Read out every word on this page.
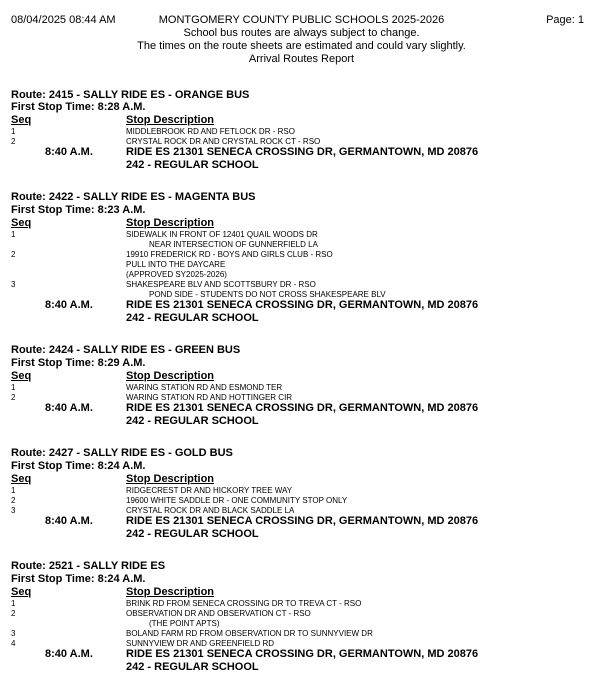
08/04/2025 08:44 AM	MONTGOMERY COUNTY PUBLIC SCHOOLS 2025-2026
School bus routes are always subject to change.
The times on the route sheets are estimated and could vary slightly.
Arrival Routes Report
Page: 1
Route: 2415 - SALLY RIDE ES - ORANGE BUS
First Stop Time: 8:28 A.M.
Seq	Stop Description
1	MIDDLEBROOK RD AND FETLOCK DR - RSO
2	CRYSTAL ROCK DR AND CRYSTAL ROCK CT - RSO
8:40 A.M.	RIDE ES 21301 SENECA CROSSING DR, GERMANTOWN, MD 20876
242 - REGULAR SCHOOL
Route: 2422 - SALLY RIDE ES - MAGENTA BUS
First Stop Time: 8:23 A.M.
Seq	Stop Description
1	SIDEWALK IN FRONT OF 12401 QUAIL WOODS DR
NEAR INTERSECTION OF GUNNERFIELD LA
2	19910 FREDERICK RD - BOYS AND GIRLS CLUB - RSO
PULL INTO THE DAYCARE
(APPROVED SY2025-2026)
3	SHAKESPEARE BLV AND SCOTTSBURY DR - RSO
POND SIDE - STUDENTS DO NOT CROSS SHAKESPEARE BLV
8:40 A.M.	RIDE ES 21301 SENECA CROSSING DR, GERMANTOWN, MD 20876
242 - REGULAR SCHOOL
Route: 2424 - SALLY RIDE ES - GREEN BUS
First Stop Time: 8:29 A.M.
Seq	Stop Description
1	WARING STATION RD AND ESMOND TER
2	WARING STATION RD AND HOTTINGER CIR
8:40 A.M.	RIDE ES 21301 SENECA CROSSING DR, GERMANTOWN, MD 20876
242 - REGULAR SCHOOL
Route: 2427 - SALLY RIDE ES - GOLD BUS
First Stop Time: 8:24 A.M.
Seq	Stop Description
1	RIDGECREST DR AND HICKORY TREE WAY
2	19600 WHITE SADDLE DR - ONE COMMUNITY STOP ONLY
3	CRYSTAL ROCK DR AND BLACK SADDLE LA
8:40 A.M.	RIDE ES 21301 SENECA CROSSING DR, GERMANTOWN, MD 20876
242 - REGULAR SCHOOL
Route: 2521 - SALLY RIDE ES
First Stop Time: 8:24 A.M.
Seq	Stop Description
1	BRINK RD FROM SENECA CROSSING DR TO TREVA CT - RSO
2	OBSERVATION DR AND OBSERVATION CT - RSO
(THE POINT APTS)
3	BOLAND FARM RD FROM OBSERVATION DR TO SUNNYVIEW DR
4	SUNNYVIEW DR AND GREENFIELD RD
8:40 A.M.	RIDE ES 21301 SENECA CROSSING DR, GERMANTOWN, MD 20876
242 - REGULAR SCHOOL
